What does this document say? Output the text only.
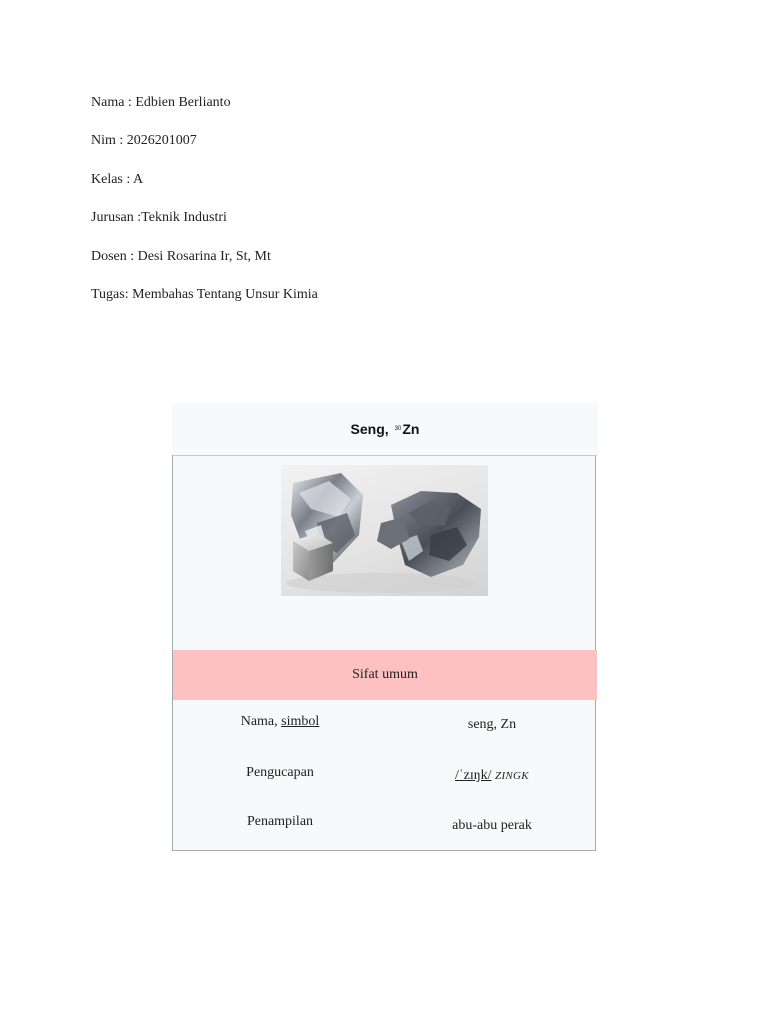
Nama : Edbien Berlianto
Nim : 2026201007
Kelas : A
Jurusan :Teknik Industri
Dosen : Desi Rosarina Ir, St, Mt
Tugas: Membahas Tentang Unsur Kimia
Seng, 30 Zn
Sifat umum
Nama, simbol	seng, Zn
Pengucapan	/ˈzɪŋk/ ZINGK
Penampilan	abu-abu perak
